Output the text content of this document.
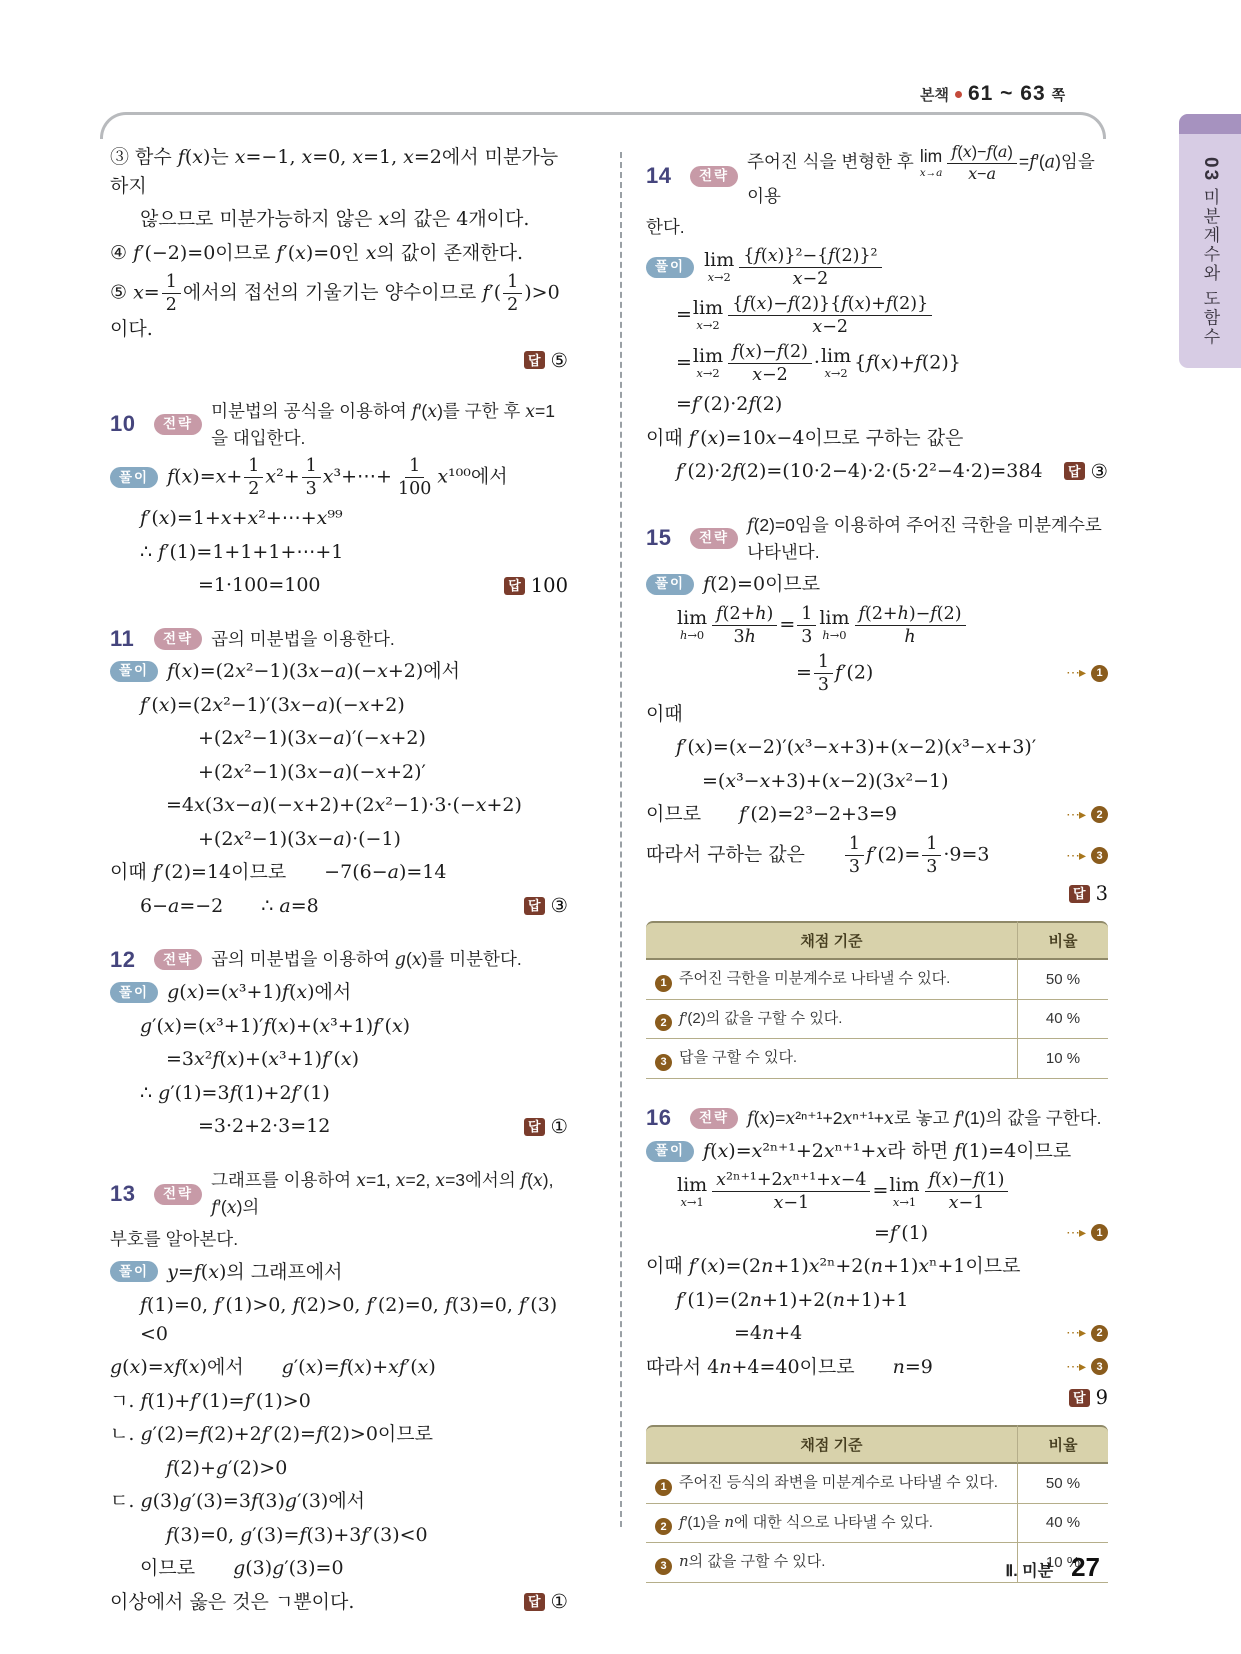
본책 61 ~ 63 쪽
03
미분계수와 도함수
③ 함수 f(x)는 x=−1, x=0, x=1, x=2에서 미분가능하지
않으므로 미분가능하지 않은 x의 값은 4개이다.
④ f′(−2)=0이므로 f′(x)=0인 x의 값이 존재한다.
⑤ $x= \frac{1}{2}$ 에서의 접선의 기울기는 양수이므로 $f'( \frac{1}{2} )>0$이다.
답 ⑤
10	전략
미분법의 공식을 이용하여 f′(x)를 구한 후 x=1을 대입한다.
풀이 $f(x)=x+ \frac{1}{2} x^2+ \frac{1}{3}$ x³+⋯+ $\frac{1}{100} x^{100}$에서
f′(x)=1+x+x²+⋯+x⁹⁹
∴ f′(1)=1+1+1+⋯+1
=1·100=100	답 100
11	전략	곱의 미분법을 이용한다.
풀이 f(x)=(2x²−1)(3x−a)(−x+2)에서
f′(x)=(2x²−1)′(3x−a)(−x+2)
+(2x²−1)(3x−a)′(−x+2)
+(2x²−1)(3x−a)(−x+2)′
=4x(3x−a)(−x+2)+(2x²−1)·3·(−x+2)
+(2x²−1)(3x−a)·(−1)
이때 f′(2)=14이므로  −7(6−a)=14
6−a=−2  ∴ a=8	답 ③
12	전략	곱의 미분법을 이용하여 g(x)를 미분한다.
풀이 g(x)=(x³+1)f(x)에서
g′(x)=(x³+1)′f(x)+(x³+1)f′(x)
=3x²f(x)+(x³+1)f′(x)
∴ g′(1)=3f(1)+2f′(1)
=3·2+2·3=12	답 ①
13	전략
그래프를 이용하여 x=1, x=2, x=3에서의 f(x), f′(x)의
부호를 알아본다.
풀이 y=f(x)의 그래프에서
f(1)=0, f′(1)>0, f(2)>0, f′(2)=0, f(3)=0, f′(3)<0
g(x)=xf(x)에서  g′(x)=f(x)+xf′(x)
ㄱ. f(1)+f′(1)=f′(1)>0
ㄴ. g′(2)=f(2)+2f′(2)=f(2)>0이므로
f(2)+g′(2)>0
ㄷ. g(3)g′(3)=3f(3)g′(3)에서
f(3)=0, g′(3)=f(3)+3f′(3)<0
이므로  g(3)g′(3)=0
이상에서 옳은 것은 ㄱ뿐이다.	답 ①
14	전략
주어진 식을 변형한 후 lim
$x\to a \frac{f(x)-f(a)}{x-a} =f'(a)$임을 이용
한다.
풀이	lim
$x\to 2 \frac{\text{\{f(x)\}²−\{f(2)\}²}}{x-2}$
= lim
$x\to 2 \frac{\{f(x)-f(2)\}\{f(x)+f(2)\}}{x-2}$
= lim
$x\to 2 \frac{f(x)-f(2)}{x-2} \cdot \lim$
x→2 {f(x)+f(2)}
=f′(2)·2f(2)
이때 f′(x)=10x−4이므로 구하는 값은
f′(2)·2f(2)=(10·2−4)·2·(5·2²−4·2)=384	답 ③
15	전략
f(2)=0임을 이용하여 주어진 극한을 미분계수로 나타낸다.
풀이 f(2)=0이므로
lim
$h\to 0 \frac{f(2+h)}{3h} = \frac{1}{3}$ lim
$h\to 0 \frac{f(2+h)-f(2)}{h}$
= $\frac{1}{3} f'(2)$	⋯▸	1
이때
f′(x)=(x−2)′(x³−x+3)+(x−2)(x³−x+3)′
=(x³−x+3)+(x−2)(3x²−1)
이므로  f′(2)=2³−2+3=9	⋯▸	2
따라서 구하는 값은   $\frac{1}{3} f'(2)= \frac{1}{3} \cdot 9=3$	⋯▸	3
답 3
채점 기준	비율
1 주어진 극한을 미분계수로 나타낼 수 있다.	50 %
2 f′(2)의 값을 구할 수 있다.	40 %
3 답을 구할 수 있다.	10 %
16	전략	f(x)=x²ⁿ⁺¹+2xⁿ⁺¹+x로 놓고 f′(1)의 값을 구한다.
풀이 f(x)=x²ⁿ⁺¹+2xⁿ⁺¹+x라 하면 f(1)=4이므로
lim
$x\to 1 \frac{\text{x²ⁿ⁺¹+2xⁿ⁺¹+x−4}}{x-1} = \lim$
$x\to 1 \frac{f(x)-f(1)}{x-1}$
=f′(1)	⋯▸	1
이때 f′(x)=(2n+1)x²ⁿ+2(n+1)xⁿ+1이므로
f′(1)=(2n+1)+2(n+1)+1
=4n+4	⋯▸	2
따라서 4n+4=40이므로  n=9	⋯▸	3
답 9
채점 기준	비율
1 주어진 등식의 좌변을 미분계수로 나타낼 수 있다.	50 %
2 f′(1)을 n에 대한 식으로 나타낼 수 있다.	40 %
3 n의 값을 구할 수 있다.	10 %
Ⅱ. 미분 27
